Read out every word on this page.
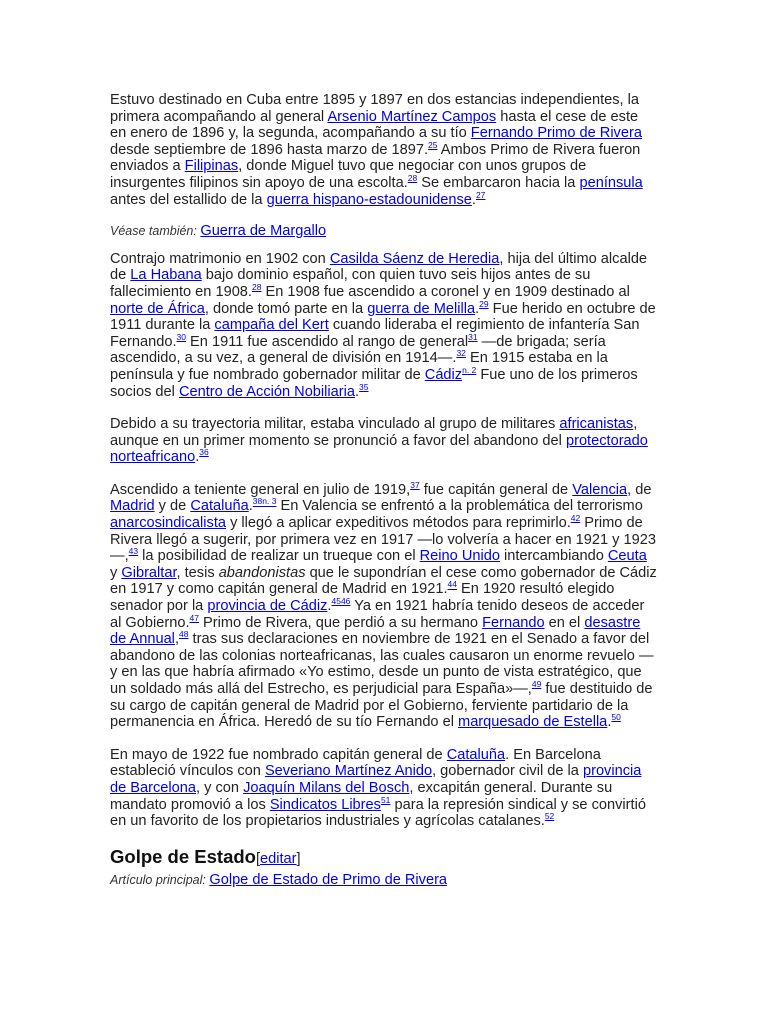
Estuvo destinado en Cuba entre 1895 y 1897 en dos estancias independientes, la primera acompañando al general Arsenio Martínez Campos hasta el cese de este en enero de 1896 y, la segunda, acompañando a su tío Fernando Primo de Rivera desde septiembre de 1896 hasta marzo de 1897.25 Ambos Primo de Rivera fueron enviados a Filipinas, donde Miguel tuvo que negociar con unos grupos de insurgentes filipinos sin apoyo de una escolta.$^{28}$ Se embarcaron hacia la península antes del estallido de la guerra hispano-estadounidense.$^{27}$

Véase también: Guerra de Margallo

Contrajo matrimonio en 1902 con Casilda Sáenz de Heredia, hija del último alcalde de La Habana bajo dominio español, con quien tuvo seis hijos antes de su fallecimiento en 1908.28 En 1908 fue ascendido a coronel y en 1909 destinado al norte de África, donde tomó parte en la guerra de Melilla.$^{29}$ Fue herido en octubre de 1911 durante la campaña del Kert cuando lideraba el regimiento de infantería San Fernando.$^{30}$ En 1911 fue ascendido al rango de general$^{31}$ —de brigada; sería ascendido, a su vez, a general de división en 1914—.$^{32}$ En 1915 estaba en la península y fue nombrado gobernador militar de Cádiz$^{n. 2}$ Fue uno de los primeros socios del Centro de Acción Nobiliaria.$^{35}$

Debido a su trayectoria militar, estaba vinculado al grupo de militares africanistas, aunque en un primer momento se pronunció a favor del abandono del protectorado norteafricano.$^{36}$

Ascendido a teniente general en julio de 1919,37 fue capitán general de Valencia, de Madrid y de Cataluña.$^{38n. 3}$ En Valencia se enfrentó a la problemática del terrorismo anarcosindicalista y llegó a aplicar expeditivos métodos para reprimirlo.$^{42}$ Primo de Rivera llegó a sugerir, por primera vez en 1917 —lo volvería a hacer en 1921 y 1923—,$^{43}$ la posibilidad de realizar un trueque con el Reino Unido intercambiando Ceuta y Gibraltar, tesis abandonistas que le supondrían el cese como gobernador de Cádiz en 1917 y como capitán general de Madrid en 1921.44 En 1920 resultó elegido senador por la provincia de Cádiz.$^{4546}$ Ya en 1921 habría tenido deseos de acceder al Gobierno.$^{47}$ Primo de Rivera, que perdió a su hermano Fernando en el desastre de Annual,$^{48}$ tras sus declaraciones en noviembre de 1921 en el Senado a favor del abandono de las colonias norteafricanas, las cuales causaron un enorme revuelo —y en las que habría afirmado «Yo estimo, desde un punto de vista estratégico, que un soldado más allá del Estrecho, es perjudicial para España»—,$^{49}$ fue destituido de su cargo de capitán general de Madrid por el Gobierno, ferviente partidario de la permanencia en África. Heredó de su tío Fernando el marquesado de Estella.$^{50}$

En mayo de 1922 fue nombrado capitán general de Cataluña. En Barcelona estableció vínculos con Severiano Martínez Anido, gobernador civil de la provincia de Barcelona, y con Joaquín Milans del Bosch, excapitán general. Durante su mandato promovió a los Sindicatos Libres$^{51}$ para la represión sindical y se convirtió en un favorito de los propietarios industriales y agrícolas catalanes.$^{52}$

Golpe de Estado[editar]

Artículo principal: Golpe de Estado de Primo de Rivera
